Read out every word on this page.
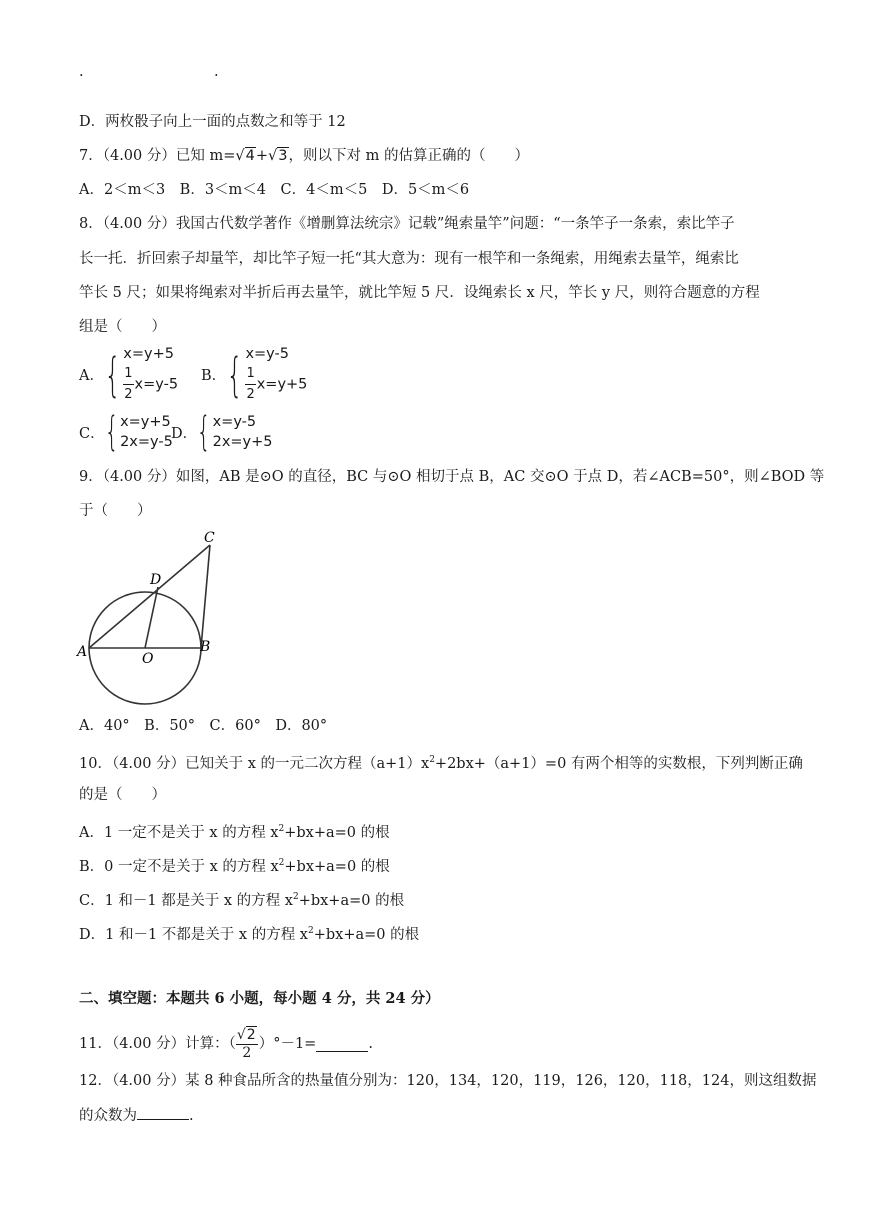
.	.
D．两枚骰子向上一面的点数之和等于 12
7．（4.00 分）已知 m=√4+√3，则以下对 m 的估算正确的（　　）
A．2＜m＜3　B．3＜m＜4　C．4＜m＜5　D．5＜m＜6
8．（4.00 分）我国古代数学著作《增删算法统宗》记载”绳索量竿”问题：“一条竿子一条索，索比竿子
长一托．折回索子却量竿，却比竿子短一托“其大意为：现有一根竿和一条绳索，用绳索去量竿，绳索比
竿长 5 尺；如果将绳索对半折后再去量竿，就比竿短 5 尺．设绳索长 x 尺，竿长 y 尺，则符合题意的方程
组是（　　）
A． { x=y+5
$\frac{1}{2} x=y-5$
B． { x=y-5
$\frac{1}{2} x=y+5$
C． { x=y+5
2x=y-5
D． { x=y-5
2x=y+5
9．（4.00 分）如图，AB 是⊙O 的直径，BC 与⊙O 相切于点 B，AC 交⊙O 于点 D，若∠ACB=50°，则∠BOD 等
于（　　）
C
D
A	B
O
A．40°　B．50°　C．60°　D．80°
10．（4.00 分）已知关于 x 的一元二次方程$(a+1)x^2+2bx+(a+1)=0$ 有两个相等的实数根，下列判断正确
的是（　　）
A．1 一定不是关于 x 的方程 $x^2+bx+a=0$ 的根
B．0 一定不是关于 x 的方程 $x^2+bx+a=0$ 的根
C．1 和－1 都是关于 x 的方程 $x^2+bx+a=0$ 的根
D．1 和－1 不都是关于 x 的方程 $x^2+bx+a=0$ 的根
二、填空题：本题共 6 小题，每小题 4 分，共 24 分）
11．（4.00 分）计算：（ $\frac{√2}{2} )^\circ-1=$	.
12．（4.00 分）某 8 种食品所含的热量值分别为：120，134，120，119，126，120，118，124，则这组数据
的众数为	.
